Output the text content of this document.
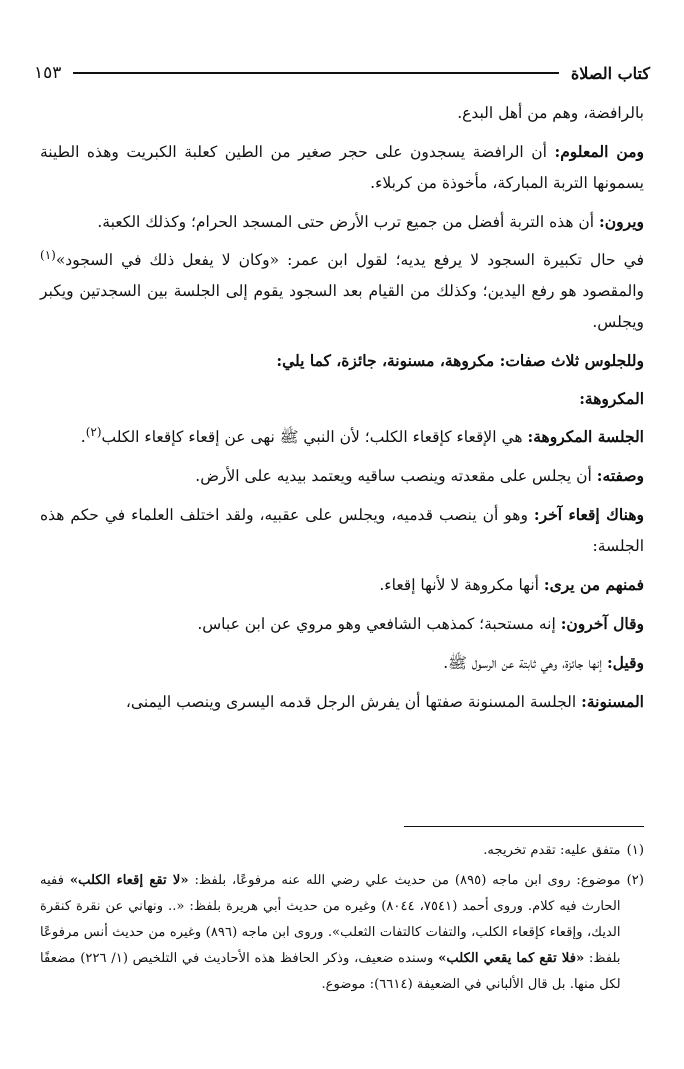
كتاب الصلاة
١٥٣

بالرافضة، وهم من أهل البدع.

ومن المعلوم: أن الرافضة يسجدون على حجر صغير من الطين كعلبة الكبريت وهذه الطينة يسمونها التربة المباركة، مأخوذة من كربلاء.

ويرون: أن هذه التربة أفضل من جميع ترب الأرض حتى المسجد الحرام؛ وكذلك الكعبة.

في حال تكبيرة السجود لا يرفع يديه؛ لقول ابن عمر: «وكان لا يفعل ذلك في السجود»$^{(١)}$ والمقصود هو رفع اليدين؛ وكذلك من القيام بعد السجود يقوم إلى الجلسة بين السجدتين ويكبر ويجلس.

وللجلوس ثلاث صفات: مكروهة، مسنونة، جائزة، كما يلي:

المكروهة:

الجلسة المكروهة: هي الإقعاء كإقعاء الكلب؛ لأن النبي ﷺ نهى عن إقعاء كإقعاء الكلب$^{(٢)}$.

وصفته: أن يجلس على مقعدته وينصب ساقيه ويعتمد بيديه على الأرض.

وهناك إقعاء آخر: وهو أن ينصب قدميه، ويجلس على عقبيه، ولقد اختلف العلماء في حكم هذه الجلسة:

فمنهم من يرى: أنها مكروهة لا لأنها إقعاء.

وقال آخرون: إنه مستحبة؛ كمذهب الشافعي وهو مروي عن ابن عباس.

وقيل: إنها جائزة، وهي ثابتة عن الرسول ﷺ.

المسنونة: الجلسة المسنونة صفتها أن يفرش الرجل قدمه اليسرى وينصب اليمنى،

(١)
متفق عليه: تقدم تخريجه.
(٢)
موضوع: روى ابن ماجه (٨٩٥) من حديث علي رضي الله عنه مرفوعًا، بلفظ: «لا تقع إقعاء الكلب» ففيه الحارث فيه كلام. وروى أحمد (٧٥٤١، ٨٠٤٤) وغيره من حديث أبي هريرة بلفظ: «.. ونهاني عن نقرة كنقرة الديك، وإقعاء كإقعاء الكلب، والتفات كالتفات الثعلب». وروى ابن ماجه (٨٩٦) وغيره من حديث أنس مرفوعًا بلفظ: «فلا تقع كما يقعي الكلب» وسنده ضعيف، وذكر الحافظ هذه الأحاديث في التلخيص (١/ ٢٢٦) مضعفًا لكل منها. بل قال الألباني في الضعيفة (٦٦١٤): موضوع.
